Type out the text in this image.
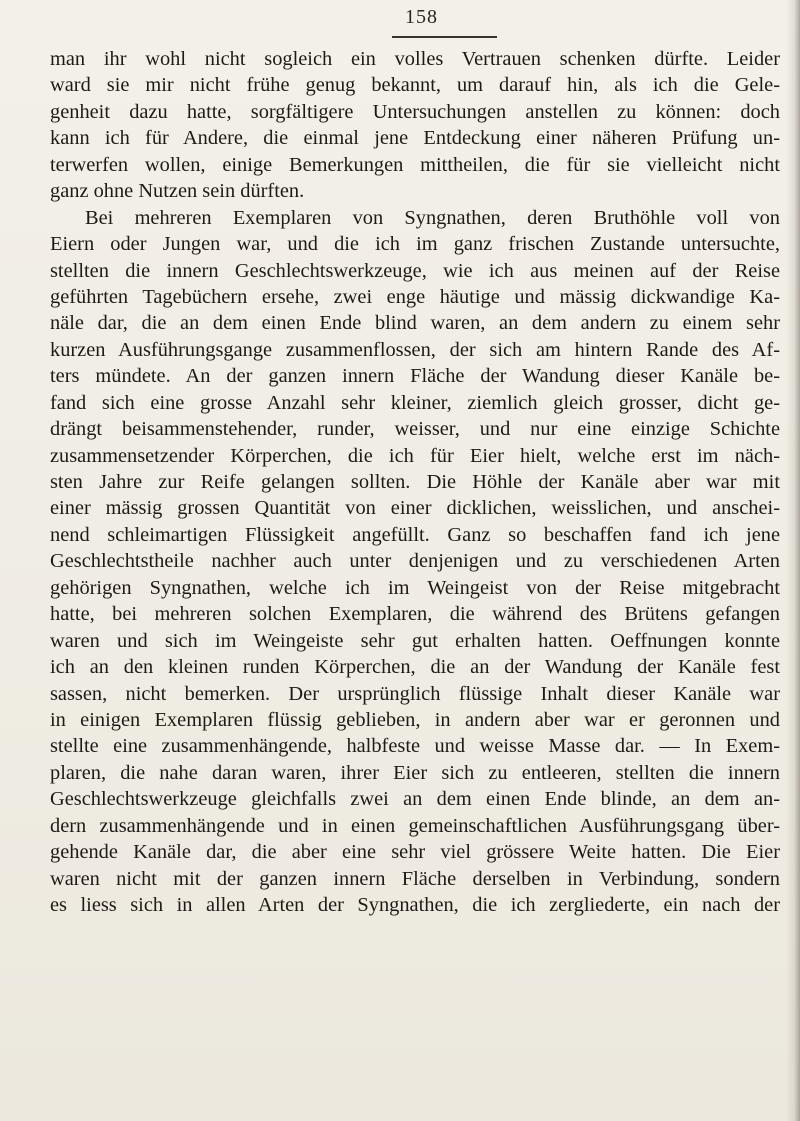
158
man ihr wohl nicht sogleich ein volles Vertrauen schenken dürfte. Leider
ward sie mir nicht frühe genug bekannt, um darauf hin, als ich die Gele-
genheit dazu hatte, sorgfältigere Untersuchungen anstellen zu können: doch
kann ich für Andere, die einmal jene Entdeckung einer näheren Prüfung un-
terwerfen wollen, einige Bemerkungen mittheilen, die für sie vielleicht nicht
ganz ohne Nutzen sein dürften.
Bei mehreren Exemplaren von Syngnathen, deren Bruthöhle voll von
Eiern oder Jungen war, und die ich im ganz frischen Zustande untersuchte,
stellten die innern Geschlechtswerkzeuge, wie ich aus meinen auf der Reise
geführten Tagebüchern ersehe, zwei enge häutige und mässig dickwandige Ka-
näle dar, die an dem einen Ende blind waren, an dem andern zu einem sehr
kurzen Ausführungsgange zusammenflossen, der sich am hintern Rande des Af-
ters mündete. An der ganzen innern Fläche der Wandung dieser Kanäle be-
fand sich eine grosse Anzahl sehr kleiner, ziemlich gleich grosser, dicht ge-
drängt beisammenstehender, runder, weisser, und nur eine einzige Schichte
zusammensetzender Körperchen, die ich für Eier hielt, welche erst im näch-
sten Jahre zur Reife gelangen sollten. Die Höhle der Kanäle aber war mit
einer mässig grossen Quantität von einer dicklichen, weisslichen, und anschei-
nend schleimartigen Flüssigkeit angefüllt. Ganz so beschaffen fand ich jene
Geschlechtstheile nachher auch unter denjenigen und zu verschiedenen Arten
gehörigen Syngnathen, welche ich im Weingeist von der Reise mitgebracht
hatte, bei mehreren solchen Exemplaren, die während des Brütens gefangen
waren und sich im Weingeiste sehr gut erhalten hatten. Oeffnungen konnte
ich an den kleinen runden Körperchen, die an der Wandung der Kanäle fest
sassen, nicht bemerken. Der ursprünglich flüssige Inhalt dieser Kanäle war
in einigen Exemplaren flüssig geblieben, in andern aber war er geronnen und
stellte eine zusammenhängende, halbfeste und weisse Masse dar. — In Exem-
plaren, die nahe daran waren, ihrer Eier sich zu entleeren, stellten die innern
Geschlechtswerkzeuge gleichfalls zwei an dem einen Ende blinde, an dem an-
dern zusammenhängende und in einen gemeinschaftlichen Ausführungsgang über-
gehende Kanäle dar, die aber eine sehr viel grössere Weite hatten. Die Eier
waren nicht mit der ganzen innern Fläche derselben in Verbindung, sondern
es liess sich in allen Arten der Syngnathen, die ich zergliederte, ein nach der
